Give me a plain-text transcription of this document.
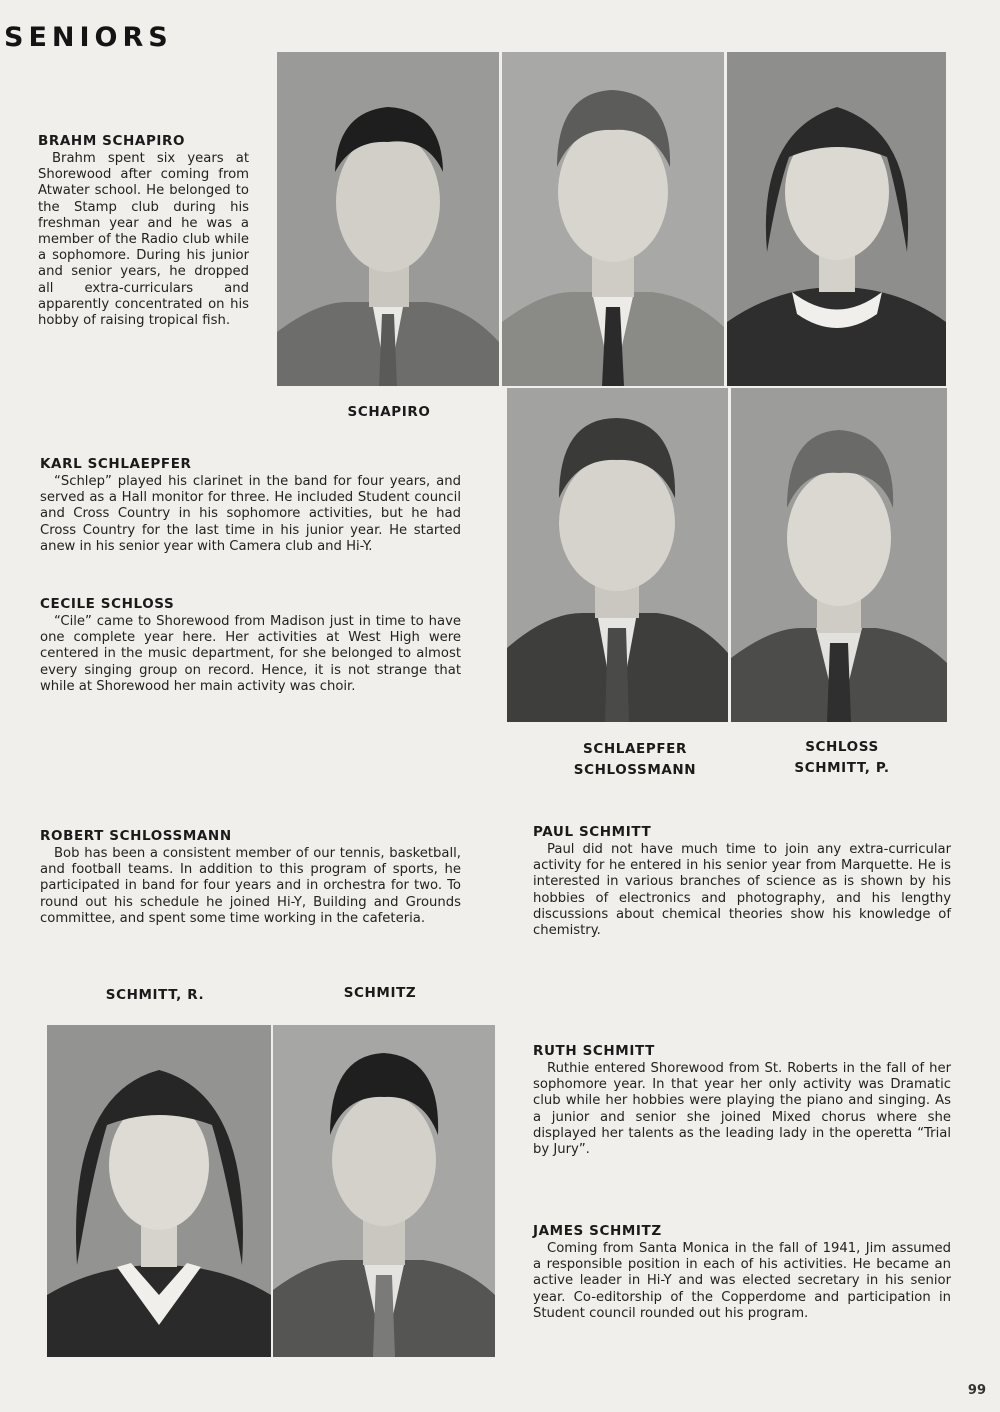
SENIORS
BRAHM SCHAPIRO
Brahm spent six years at Shorewood after coming from Atwater school. He belonged to the Stamp club during his freshman year and he was a member of the Radio club while a sophomore. During his junior and senior years, he dropped all extra-curriculars and apparently concentrated on his hobby of raising tropical fish.
SCHAPIRO
KARL SCHLAEPFER
“Schlep” played his clarinet in the band for four years, and served as a Hall monitor for three. He included Student council and Cross Country in his sophomore activities, but he had Cross Country for the last time in his junior year. He started anew in his senior year with Camera club and Hi-Y.
CECILE SCHLOSS
“Cile” came to Shorewood from Madison just in time to have one complete year here. Her activities at West High were centered in the music department, for she belonged to almost every singing group on record. Hence, it is not strange that while at Shorewood her main activity was choir.
SCHLAEPFER
SCHLOSSMANN
SCHLOSS
SCHMITT, P.
ROBERT SCHLOSSMANN
Bob has been a consistent member of our tennis, basketball, and football teams. In addition to this program of sports, he participated in band for four years and in orchestra for two. To round out his schedule he joined Hi-Y, Building and Grounds committee, and spent some time working in the cafeteria.
PAUL SCHMITT
Paul did not have much time to join any extra-curricular activity for he entered in his senior year from Marquette. He is interested in various branches of science as is shown by his hobbies of electronics and photography, and his lengthy discussions about chemical theories show his knowledge of chemistry.
SCHMITT, R.	SCHMITZ
RUTH SCHMITT
Ruthie entered Shorewood from St. Roberts in the fall of her sophomore year. In that year her only activity was Dramatic club while her hobbies were playing the piano and singing. As a junior and senior she joined Mixed chorus where she displayed her talents as the leading lady in the operetta “Trial by Jury”.
JAMES SCHMITZ
Coming from Santa Monica in the fall of 1941, Jim assumed a responsible position in each of his activities. He became an active leader in Hi-Y and was elected secretary in his senior year. Co-editorship of the Copperdome and participation in Student council rounded out his program.
99
